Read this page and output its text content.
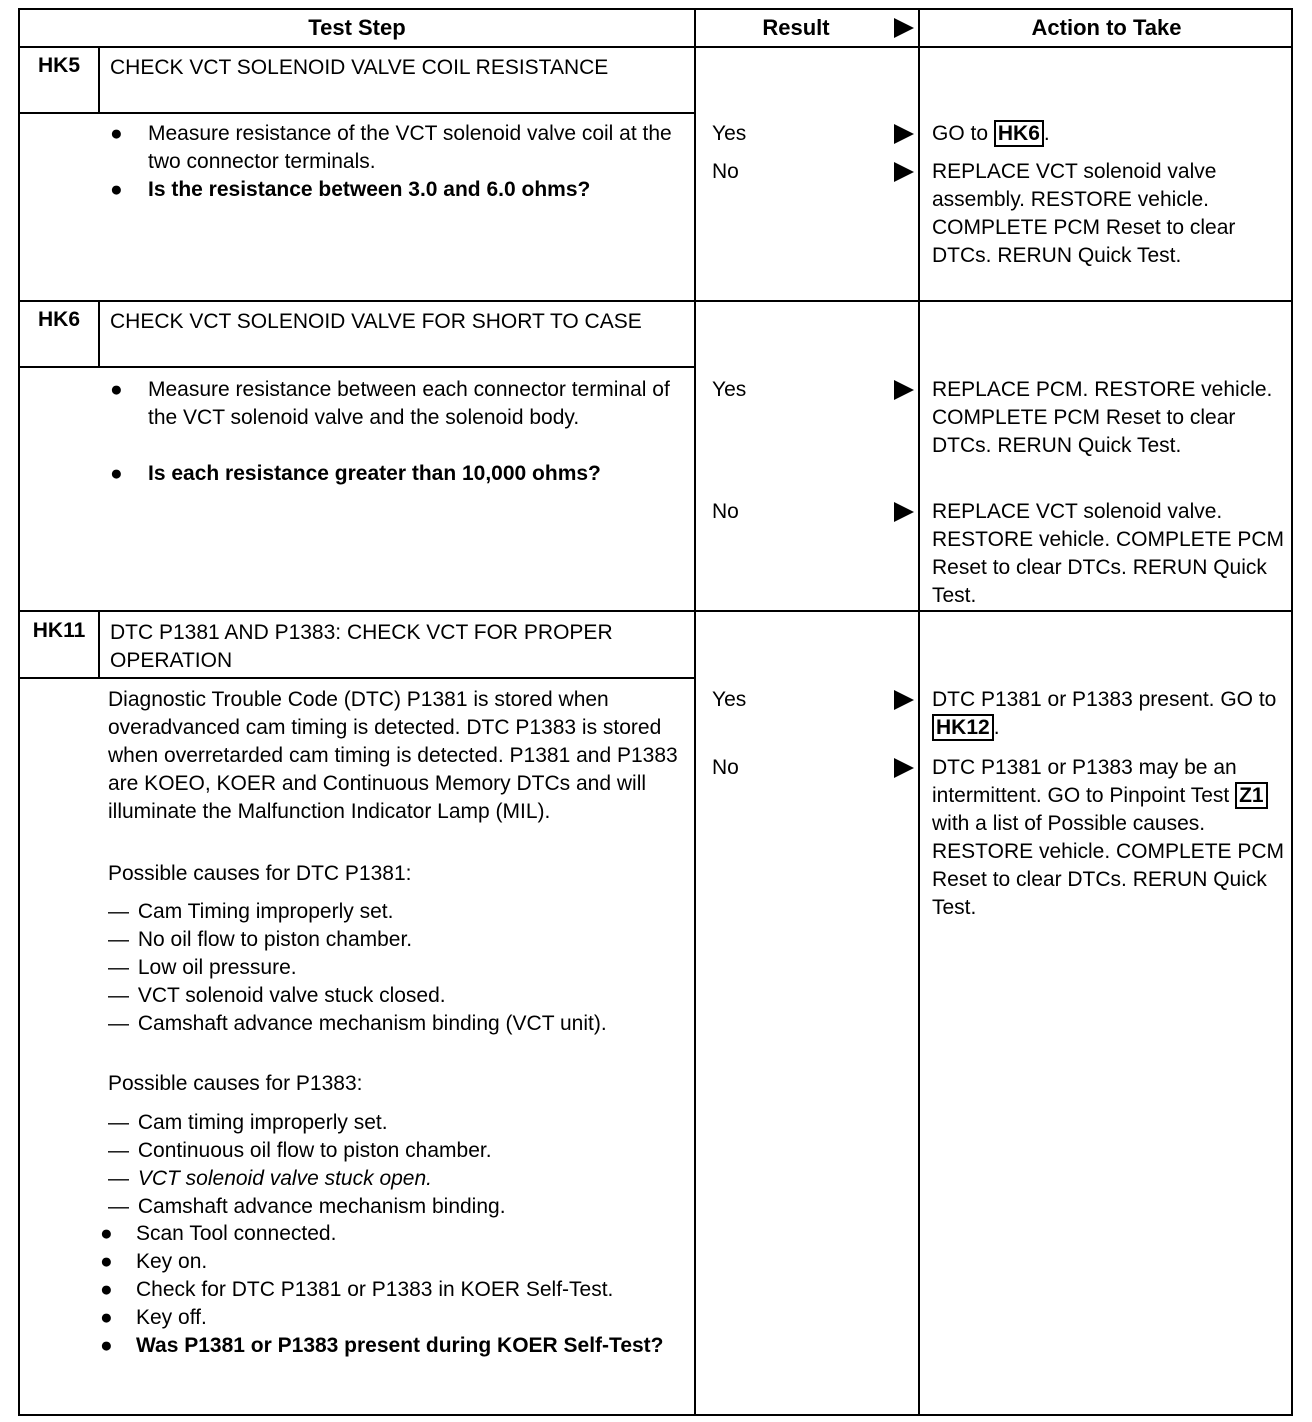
Test Step	Result	Action to Take
HK5	CHECK VCT SOLENOID VALVE COIL RESISTANCE
● Measure resistance of the VCT solenoid valve coil at the two connector terminals.
● Is the resistance between 3.0 and 6.0 ohms?
Yes	GO to HK6 .
No	REPLACE VCT solenoid valve assembly. RESTORE vehicle. COMPLETE PCM Reset to clear DTCs. RERUN Quick Test.
HK6	CHECK VCT SOLENOID VALVE FOR SHORT TO CASE
● Measure resistance between each connector terminal of the VCT solenoid valve and the solenoid body.
● Is each resistance greater than 10,000 ohms?
Yes	REPLACE PCM. RESTORE vehicle. COMPLETE PCM Reset to clear DTCs. RERUN Quick Test.
No	REPLACE VCT solenoid valve. RESTORE vehicle. COMPLETE PCM Reset to clear DTCs. RERUN Quick Test.
HK11	DTC P1381 AND P1383: CHECK VCT FOR PROPER OPERATION
Diagnostic Trouble Code (DTC) P1381 is stored when overadvanced cam timing is detected. DTC P1383 is stored when overretarded cam timing is detected. P1381 and P1383 are KOEO, KOER and Continuous Memory DTCs and will illuminate the Malfunction Indicator Lamp (MIL).
Possible causes for DTC P1381:
— Cam Timing improperly set.
— No oil flow to piston chamber.
— Low oil pressure.
— VCT solenoid valve stuck closed.
— Camshaft advance mechanism binding (VCT unit).
Possible causes for P1383:
— Cam timing improperly set.
— Continuous oil flow to piston chamber.
— VCT solenoid valve stuck open.
— Camshaft advance mechanism binding.
● Scan Tool connected.
● Key on.
● Check for DTC P1381 or P1383 in KOER Self-Test.
● Key off.
● Was P1381 or P1383 present during KOER Self-Test?
Yes	DTC P1381 or P1383 present. GO to HK12 .
No	DTC P1381 or P1383 may be an intermittent. GO to Pinpoint Test Z1 with a list of Possible causes. RESTORE vehicle. COMPLETE PCM Reset to clear DTCs. RERUN Quick Test.
